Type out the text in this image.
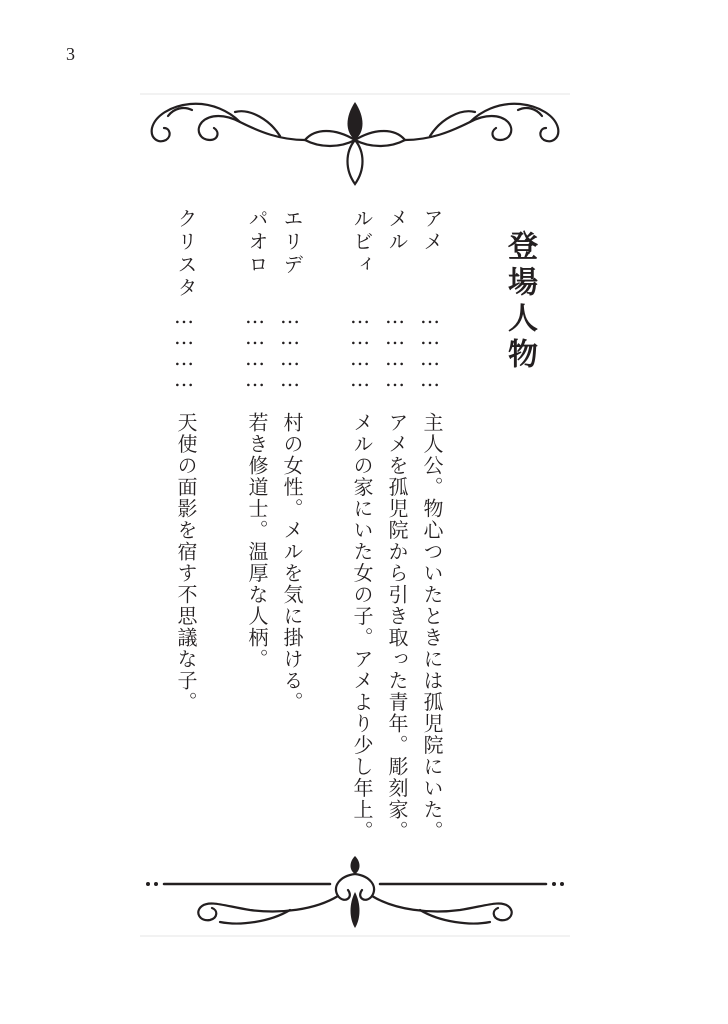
3
登場人物
アメ
…………
主人公。物心ついたときには孤児院にいた。
メル
…………
アメを孤児院から引き取った青年。彫刻家。
ルビィ
…………
メルの家にいた女の子。アメより少し年上。
エリデ
…………
村の女性。メルを気に掛ける。
パオロ
…………
若き修道士。温厚な人柄。
クリスタ
…………
天使の面影を宿す不思議な子。
